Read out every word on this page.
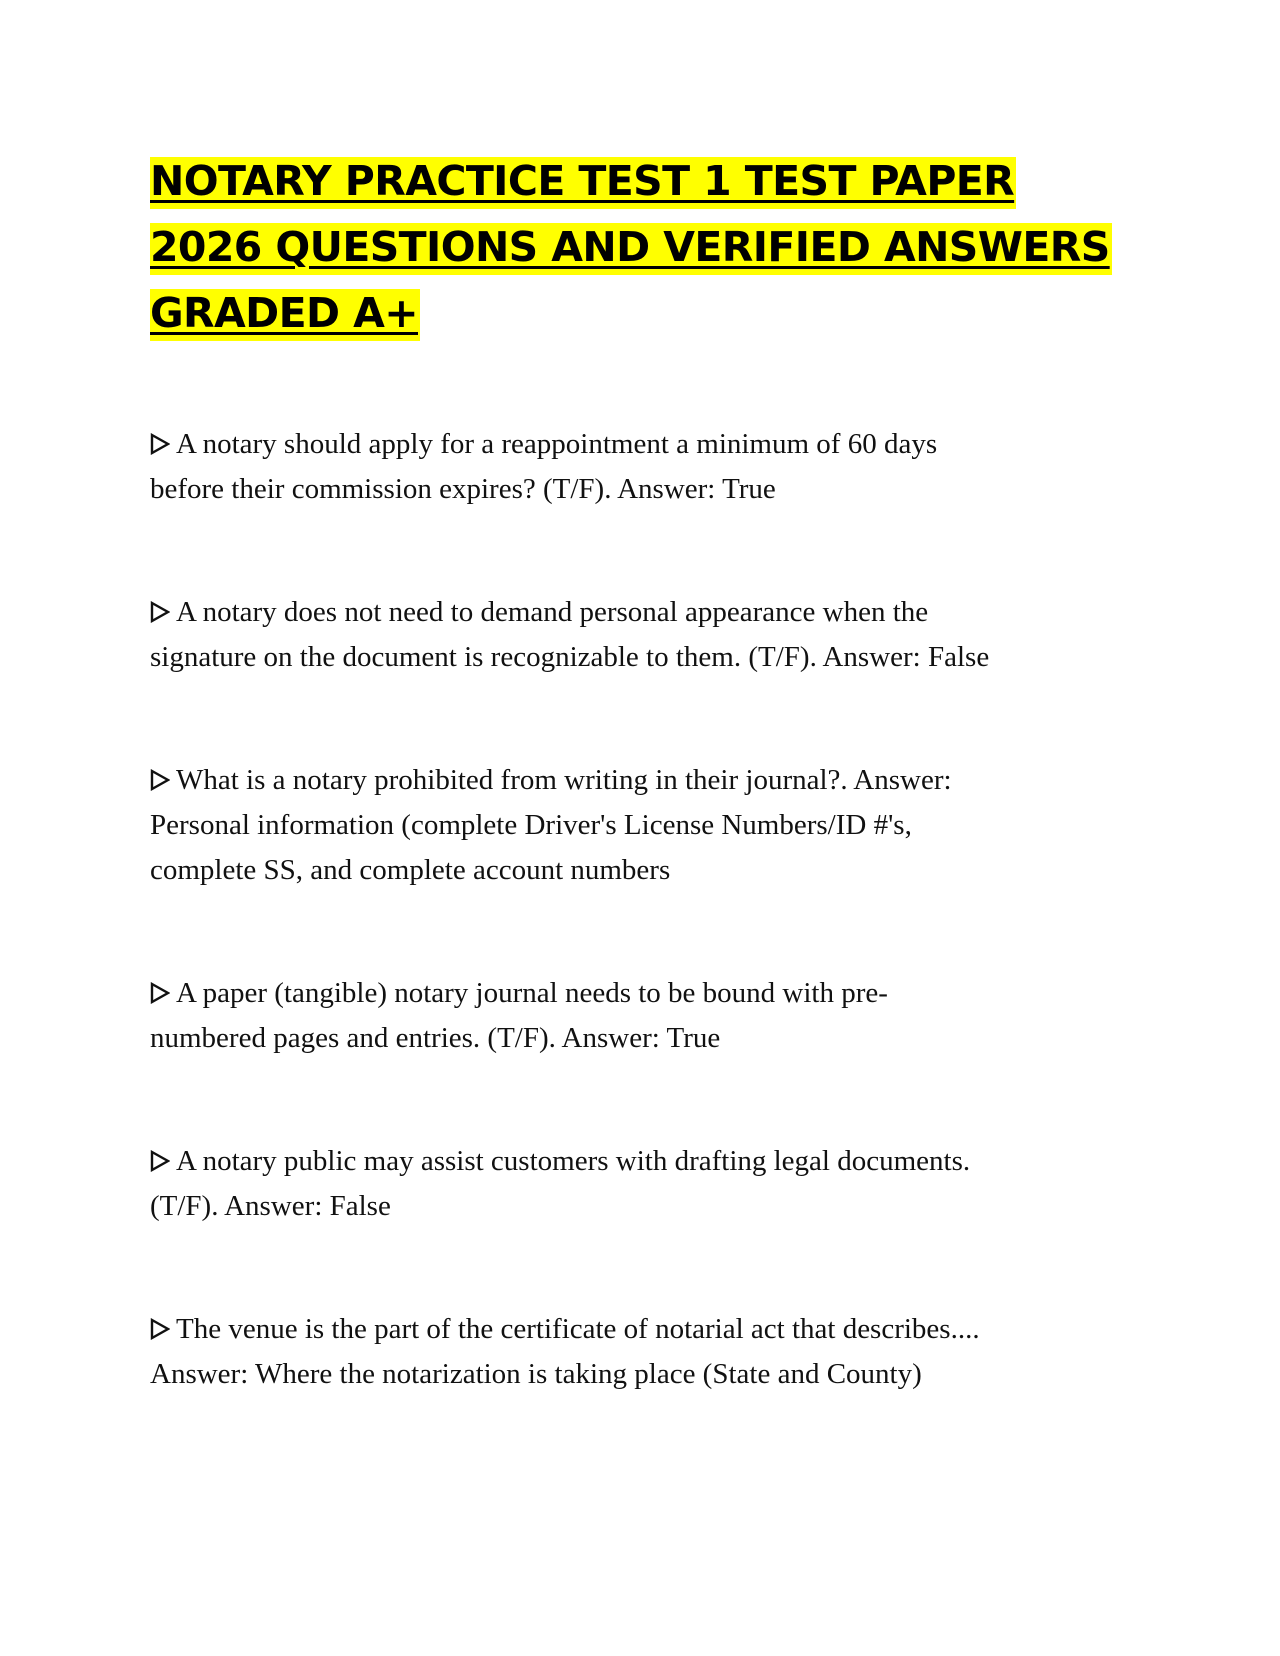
NOTARY PRACTICE TEST 1 TEST PAPER
2026 QUESTIONS AND VERIFIED ANSWERS
GRADED A+
A notary should apply for a reappointment a minimum of 60 days
before their commission expires? (T/F). Answer: True
A notary does not need to demand personal appearance when the
signature on the document is recognizable to them. (T/F). Answer: False
What is a notary prohibited from writing in their journal?. Answer:
Personal information (complete Driver's License Numbers/ID #'s,
complete SS, and complete account numbers
A paper (tangible) notary journal needs to be bound with pre-
numbered pages and entries. (T/F). Answer: True
A notary public may assist customers with drafting legal documents.
(T/F). Answer: False
The venue is the part of the certificate of notarial act that describes....
Answer: Where the notarization is taking place (State and County)
